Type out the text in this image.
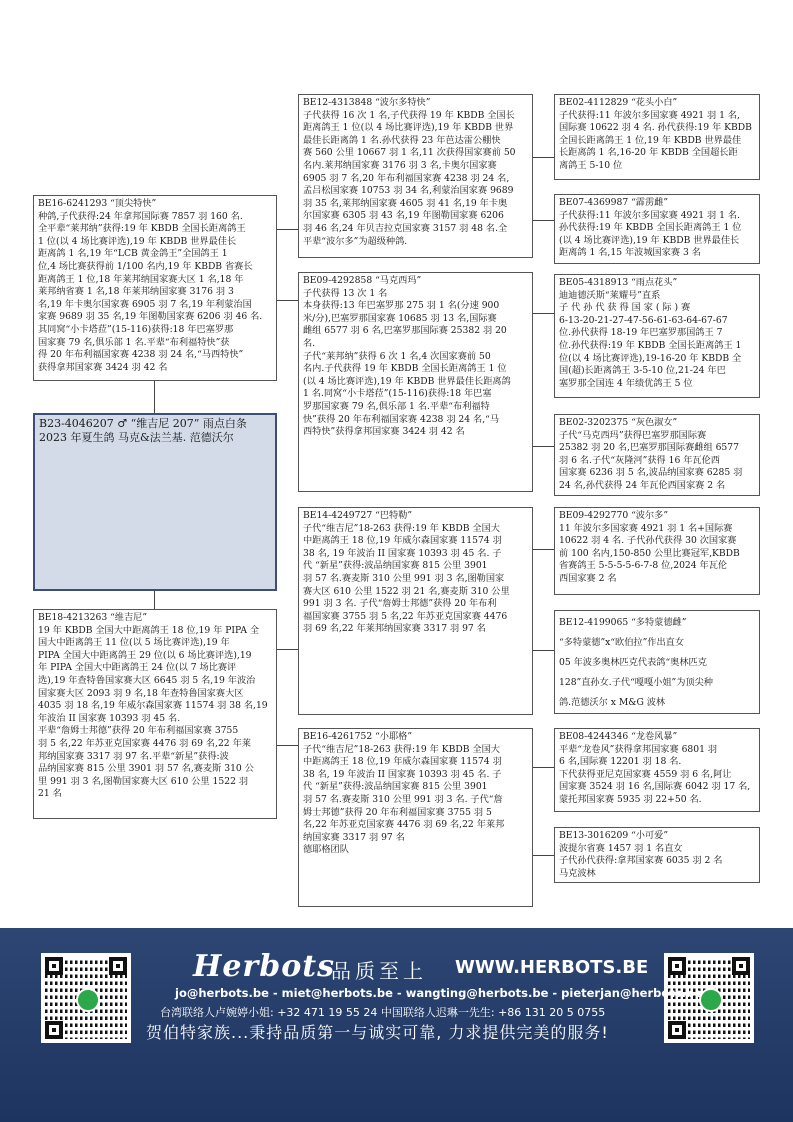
BE16-6241293 “顶尖特快”
种鸽,子代获得:24 年拿邦国际赛 7857 羽 160 名.
全平辈“莱邦纳”获得:19 年 KBDB 全国长距离鸽王
1 位(以 4 场比赛评选),19 年 KBDB 世界最佳长
距离鸽 1 名,19 年“LCB 黄金鸽王”全国鸽王 1
位,4 场比赛获得前 1/100 名内,19 年 KBDB 省赛长
距离鸽王 1 位,18 年莱邦纳国家赛大区 1 名,18 年
莱邦纳省赛 1 名,18 年莱邦纳国家赛 3176 羽 3
名,19 年卡奥尔国家赛 6905 羽 7 名,19 年利蒙治国
家赛 9689 羽 35 名,19 年图勒国家赛 6206 羽 46 名.
其同窝“小卡塔菈”(15-116)获得:18 年巴塞罗那
国家赛 79 名,俱乐部 1 名.平辈“布利福特快”获
得 20 年布利福国家赛 4238 羽 24 名,“马西特快”
获得拿邦国家赛 3424 羽 42 名
B23-4046207 ♂ “维吉尼 207” 雨点白条 2023 年夏生鸽 马克&法兰基. 范德沃尔
BE18-4213263 “维吉尼”
19 年 KBDB 全国大中距离鸽王 18 位,19 年 PIPA 全
国大中距离鸽王 11 位(以 5 场比赛评选),19 年
PIPA 全国大中距离鸽王 29 位(以 6 场比赛评选),19
年 PIPA 全国大中距离鸽王 24 位(以 7 场比赛评
选),19 年查特鲁国家赛大区 6645 羽 5 名,19 年波治
国家赛大区 2093 羽 9 名,18 年查特鲁国家赛大区
4035 羽 18 名,19 年威尔森国家赛 11574 羽 38 名,19
年波治 II 国家赛 10393 羽 45 名.
平辈“詹姆士邦德”获得 20 年布利福国家赛 3755
羽 5 名,22 年苏亚克国家赛 4476 羽 69 名,22 年莱
邦纳国家赛 3317 羽 97 名.平辈“新星”获得:波
品纳国家赛 815 公里 3901 羽 57 名,赛麦斯 310 公
里 991 羽 3 名,图勒国家赛大区 610 公里 1522 羽
21 名
BE12-4313848 “波尔多特快”
子代获得 16 次 1 名,子代获得 19 年 KBDB 全国长
距离鸽王 1 位(以 4 场比赛评选),19 年 KBDB 世界
最佳长距离鸽 1 名.孙代获得 23 年芭达雷公棚快
赛 560 公里 10667 羽 1 名,11 次获得国家赛前 50
名内.莱邦纳国家赛 3176 羽 3 名,卡奥尔国家赛
6905 羽 7 名,20 年布利福国家赛 4238 羽 24 名,
孟吕松国家赛 10753 羽 34 名,利蒙治国家赛 9689
羽 35 名,莱邦纳国家赛 4605 羽 41 名,19 年卡奥
尔国家赛 6305 羽 43 名,19 年图勒国家赛 6206
羽 46 名,24 年贝吉拉克国家赛 3157 羽 48 名.全
平辈“波尔多”为超级种鸽.
BE09-4292858 “马克西玛”
子代获得 13 次 1 名
本身获得:13 年巴塞罗那 275 羽 1 名(分速 900
米/分),巴塞罗那国家赛 10685 羽 13 名,国际赛
雌组 6577 羽 6 名,巴塞罗那国际赛 25382 羽 20
名.
子代“莱邦纳”获得 6 次 1 名,4 次国家赛前 50
名内.子代获得 19 年 KBDB 全国长距离鸽王 1 位
(以 4 场比赛评选),19 年 KBDB 世界最佳长距离鸽
1 名.同窝“小卡塔菈”(15-116)获得:18 年巴塞
罗那国家赛 79 名,俱乐部 1 名.平辈“布利福特
快”获得 20 年布利福国家赛 4238 羽 24 名,“马
西特快”获得拿邦国家赛 3424 羽 42 名
BE14-4249727 “巴特勒”
子代“维吉尼”18-263 获得:19 年 KBDB 全国大
中距离鸽王 18 位,19 年威尔森国家赛 11574 羽
38 名, 19 年波治 II 国家赛 10393 羽 45 名. 子
代 “新星”获得:波品纳国家赛 815 公里 3901
羽 57 名.赛麦斯 310 公里 991 羽 3 名,图勒国家
赛大区 610 公里 1522 羽 21 名,赛麦斯 310 公里
991 羽 3 名. 子代“詹姆士邦德”获得 20 年布利
福国家赛 3755 羽 5 名,22 年苏亚克国家赛 4476
羽 69 名,22 年莱邦纳国家赛 3317 羽 97 名
BE16-4261752 “小耶格”
子代“维吉尼”18-263 获得:19 年 KBDB 全国大
中距离鸽王 18 位,19 年威尔森国家赛 11574 羽
38 名, 19 年波治 II 国家赛 10393 羽 45 名. 子
代 “新星”获得:波品纳国家赛 815 公里 3901
羽 57 名.赛麦斯 310 公里 991 羽 3 名. 子代“詹
姆士邦德”获得 20 年布利福国家赛 3755 羽 5
名,22 年苏亚克国家赛 4476 羽 69 名,22 年莱邦
纳国家赛 3317 羽 97 名
德耶格团队
BE02-4112829 “花头小白”
子代获得:11 年波尔多国家赛 4921 羽 1 名,
国际赛 10622 羽 4 名. 孙代获得:19 年 KBDB
全国长距离鸽王 1 位,19 年 KBDB 世界最佳
长距离鸽 1 名,16-20 年 KBDB 全国超长距
离鸽王 5-10 位
BE07-4369987 “霹雳雌”
子代获得:11 年波尔多国家赛 4921 羽 1 名.
孙代获得:19 年 KBDB 全国长距离鸽王 1 位
(以 4 场比赛评选),19 年 KBDB 世界最佳长
距离鸽 1 名,15 年波城国家赛 3 名
BE05-4318913 “雨点花头”
迪迪德沃斯“莱耀号”直系
子 代 孙 代 获 得 国 家 ( 际 ) 赛
6-13-20-21-27-47-56-61-63-64-67-67
位.孙代获得 18-19 年巴塞罗那国鸽王 7
位.孙代获得:19 年 KBDB 全国长距离鸽王 1
位(以 4 场比赛评选),19-16-20 年 KBDB 全
国(超)长距离鸽王 3-5-10 位,21-24 年巴
塞罗那全国连 4 年绩优鸽王 5 位
BE02-3202375 “灰色淑女”
子代“马克西玛”获得巴塞罗那国际赛
25382 羽 20 名,巴塞罗那国际赛雌组 6577
羽 6 名.子代“灰隆河”获得 16 年瓦伦西
国家赛 6236 羽 5 名,波品纳国家赛 6285 羽
24 名,孙代获得 24 年瓦伦西国家赛 2 名
BE09-4292770 “波尔多”
11 年波尔多国家赛 4921 羽 1 名+国际赛
10622 羽 4 名. 子代孙代获得 30 次国家赛
前 100 名内,150-850 公里比赛冠军,KBDB
省赛鸽王 5-5-5-5-6-7-8 位,2024 年瓦伦
西国家赛 2 名
BE12-4199065 “多特蒙德雌”
“多特蒙德”x“欧伯拉”作出直女
05 年波多奥林匹克代表鸽“奥林匹克
128”直孙女.子代“嘎嘎小姐”为顶尖种
鸽.范德沃尔 x M&G 波林
BE08-4244346 “龙卷风暴”
平辈“龙卷风”获得拿邦国家赛 6801 羽
6 名,国际赛 12201 羽 18 名.
下代获得亚尼克国家赛 4559 羽 6 名,阿让
国家赛 3524 羽 16 名,国际赛 6042 羽 17 名,
蒙托邦国家赛 5935 羽 22+50 名.
BE13-3016209 “小可爱”
波提尔省赛 1457 羽 1 名直女
子代孙代获得:拿邦国家赛 6035 羽 2 名
马克波林
Herbots
品质至上 WWW.HERBOTS.BE
jo@herbots.be - miet@herbots.be - wangting@herbots.be - pieterjan@herbots.be
台湾联络人卢婉婷小姐: +32 471 19 55 24 中国联络人迟琳一先生: +86 131 20 5 0755
贺伯特家族...秉持品质第一与诚实可靠, 力求提供完美的服务!
